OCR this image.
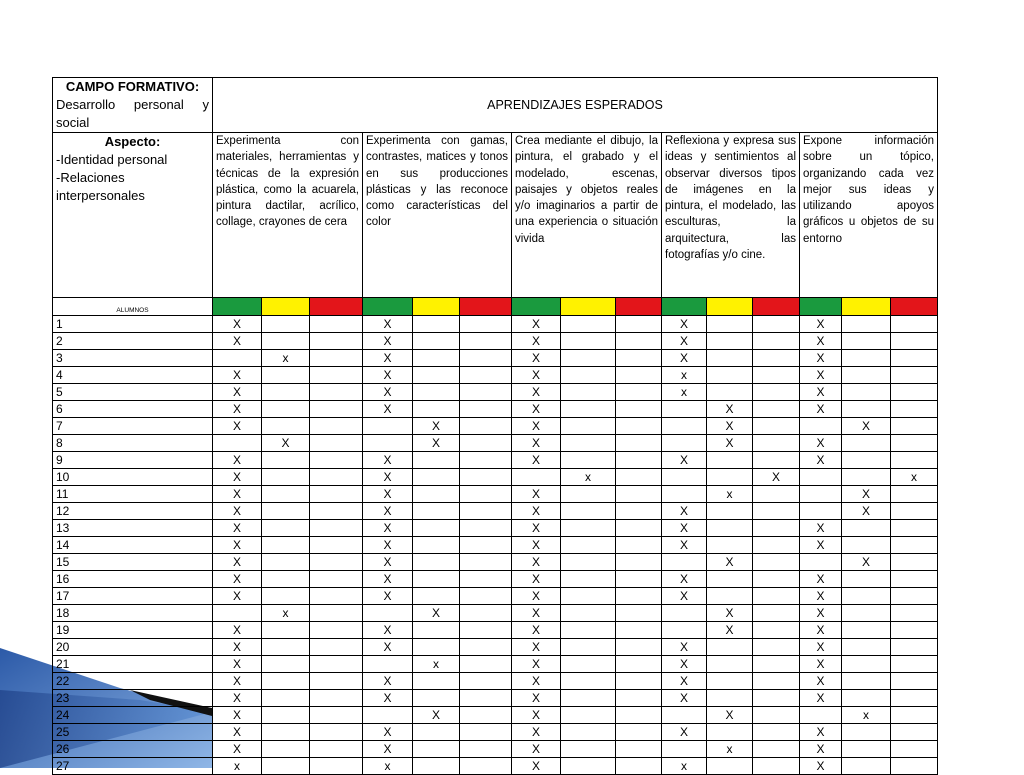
CAMPO FORMATIVO:
Desarrollo personal y social	APRENDIZAJES ESPERADOS														

Aspecto:
-Identidad personal
-Relaciones interpersonales	Experimenta con materiales, herramientas y técnicas de la expresión plástica, como la acuarela, pintura dactilar, acrílico, collage, crayones de cera			Experimenta con gamas, contrastes, matices y tonos en sus producciones plásticas y las reconoce como características del color			Crea mediante el dibujo, la pintura, el grabado y el modelado, escenas, paisajes y objetos reales y/o imaginarios a partir de una experiencia o situación vivida			Reflexiona y expresa sus ideas y sentimientos al observar diversos tipos de imágenes en la pintura, el modelado, las esculturas, la arquitectura, las fotografías y/o cine.			Expone información sobre un tópico, organizando cada vez mejor sus ideas y utilizando apoyos gráficos u objetos de su entorno		
ALUMNOS															
1	X			X			X			X			X		
2	X			X			X			X			X		
3		x		X			X			X			X		
4	X			X			X			x			X		
5	X			X			X			x			X		
6	X			X			X				X		X		
7	X				X		X				X			X	
8		X			X		X				X		X		
9	X			X			X			X			X		
10	X			X				x				X			x
11	X			X			X				x			X	
12	X			X			X			X				X	
13	X			X			X			X			X		
14	X			X			X			X			X		
15	X			X			X				X			X	
16	X			X			X			X			X		
17	X			X			X			X			X		
18		x			X		X				X		X		
19	X			X			X				X		X		
20	X			X			X			X			X		
21	X				x		X			X			X		
22	X			X			X			X			X		
23	X			X			X			X			X		
24	X				X		X				X			x	
25	X			X			X			X			X		
26	X			X			X				x		X		
27	x			x			X			x			X		
